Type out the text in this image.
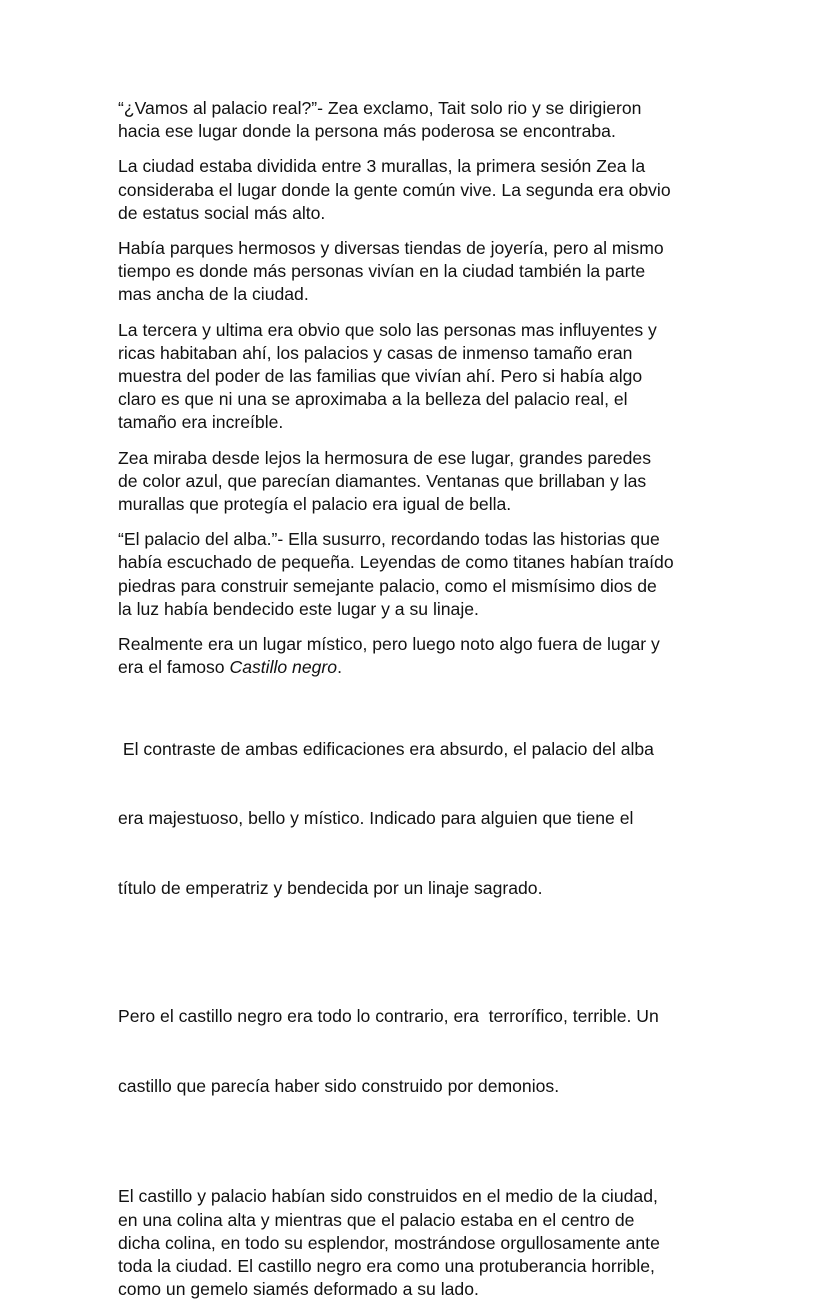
“¿Vamos al palacio real?”- Zea exclamo, Tait solo rio y se dirigieron
hacia ese lugar donde la persona más poderosa se encontraba.

La ciudad estaba dividida entre 3 murallas, la primera sesión Zea la
consideraba el lugar donde la gente común vive. La segunda era obvio
de estatus social más alto.

Había parques hermosos y diversas tiendas de joyería, pero al mismo
tiempo es donde más personas vivían en la ciudad también la parte
mas ancha de la ciudad.

La tercera y ultima era obvio que solo las personas mas influyentes y
ricas habitaban ahí, los palacios y casas de inmenso tamaño eran
muestra del poder de las familias que vivían ahí. Pero si había algo
claro es que ni una se aproximaba a la belleza del palacio real, el
tamaño era increíble.

Zea miraba desde lejos la hermosura de ese lugar, grandes paredes
de color azul, que parecían diamantes. Ventanas que brillaban y las
murallas que protegía el palacio era igual de bella.

“El palacio del alba.”- Ella susurro, recordando todas las historias que
había escuchado de pequeña. Leyendas de como titanes habían traído
piedras para construir semejante palacio, como el mismísimo dios de
la luz había bendecido este lugar y a su linaje.

Realmente era un lugar místico, pero luego noto algo fuera de lugar y
era el famoso Castillo negro.

El contraste de ambas edificaciones era absurdo, el palacio del alba

era majestuoso, bello y místico. Indicado para alguien que tiene el

título de emperatriz y bendecida por un linaje sagrado.

Pero el castillo negro era todo lo contrario, era  terrorífico, terrible. Un

castillo que parecía haber sido construido por demonios.

El castillo y palacio habían sido construidos en el medio de la ciudad,
en una colina alta y mientras que el palacio estaba en el centro de
dicha colina, en todo su esplendor, mostrándose orgullosamente ante
toda la ciudad. El castillo negro era como una protuberancia horrible,
como un gemelo siamés deformado a su lado.
